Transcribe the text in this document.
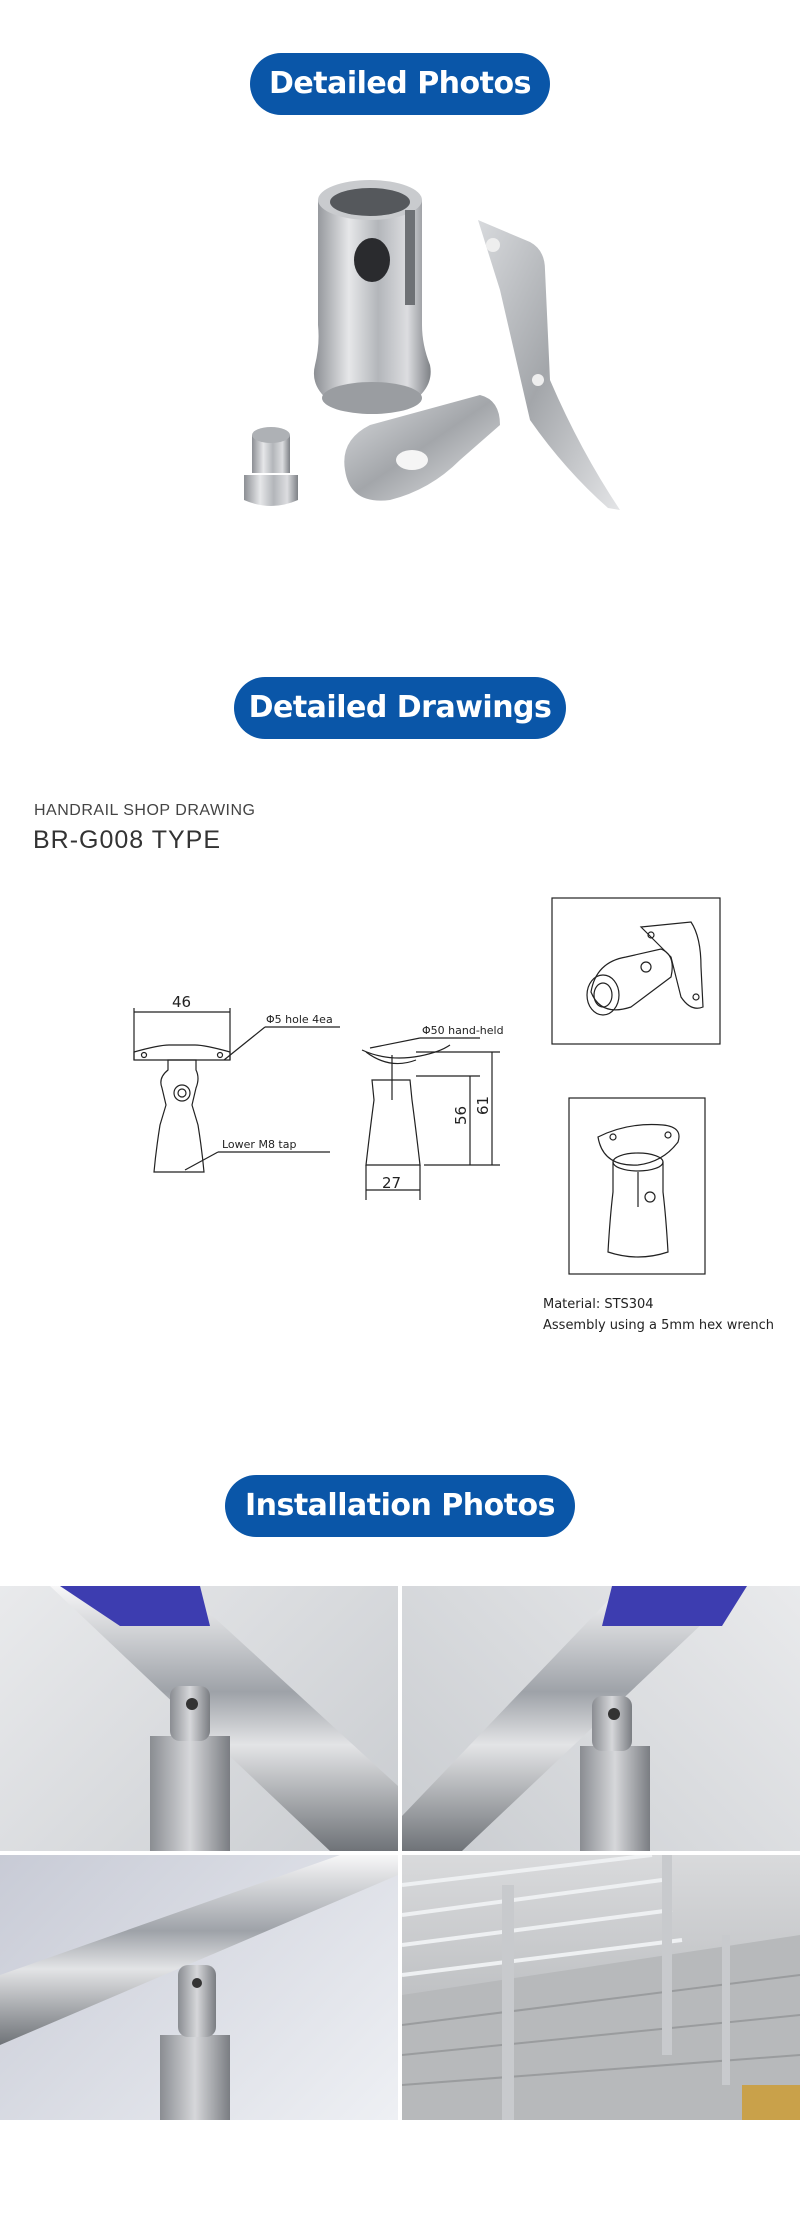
Detailed Photos
Detailed Drawings
HANDRAIL SHOP DRAWING
BR-G008 TYPE
46
Φ5 hole 4ea
Lower M8 tap
Φ50 hand-held
56
61
27
Material: STS304
Assembly using a 5mm hex wrench
Installation Photos
